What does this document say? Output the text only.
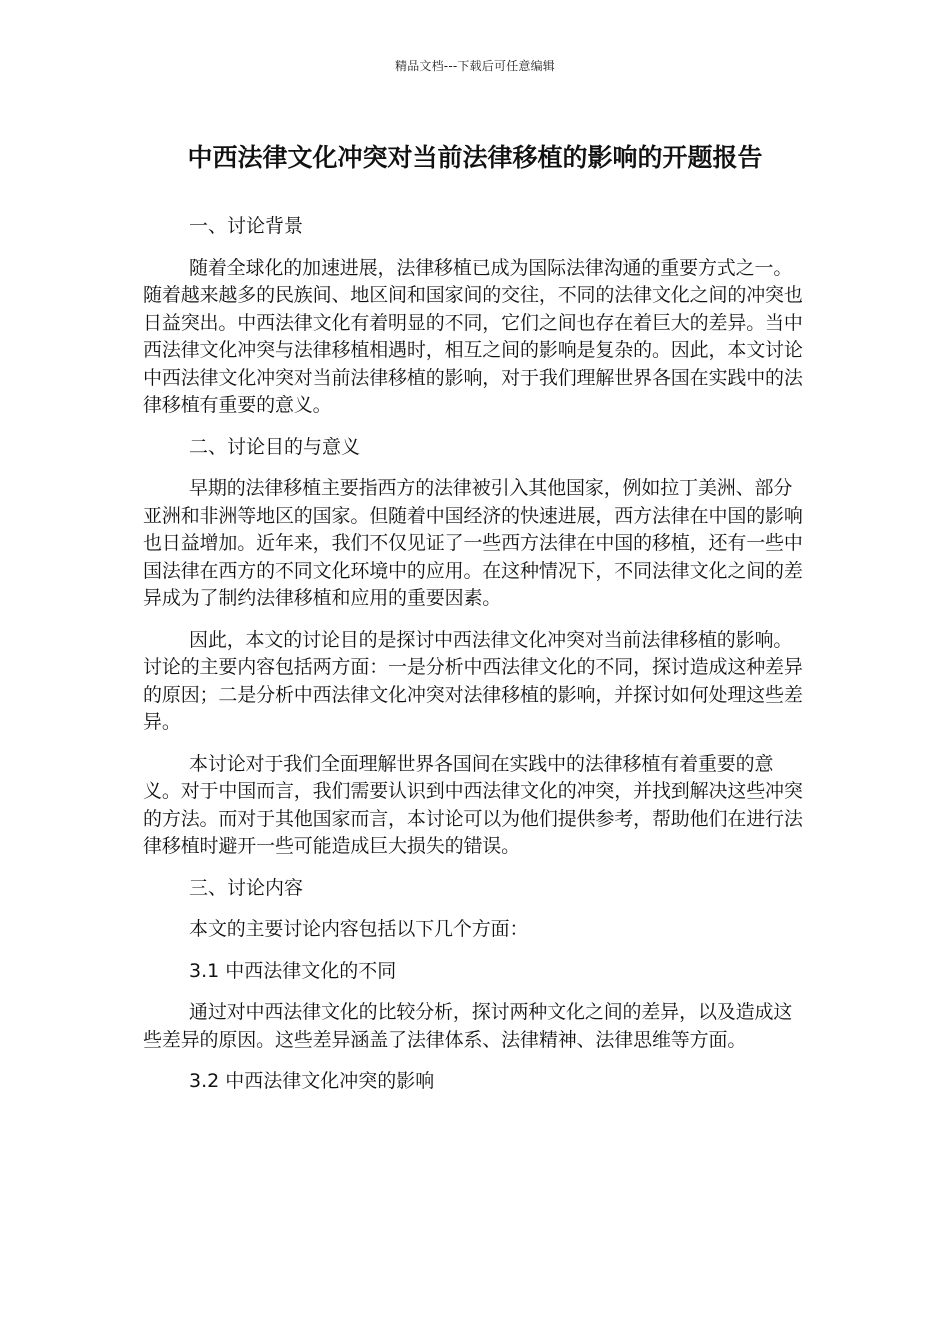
精品文档---下载后可任意编辑
中西法律文化冲突对当前法律移植的影响的开题报告

一、讨论背景

随着全球化的加速进展，法律移植已成为国际法律沟通的重要方式之一。随着越来越多的民族间、地区间和国家间的交往，不同的法律文化之间的冲突也日益突出。中西法律文化有着明显的不同，它们之间也存在着巨大的差异。当中西法律文化冲突与法律移植相遇时，相互之间的影响是复杂的。因此，本文讨论中西法律文化冲突对当前法律移植的影响，对于我们理解世界各国在实践中的法律移植有重要的意义。

二、讨论目的与意义

早期的法律移植主要指西方的法律被引入其他国家，例如拉丁美洲、部分亚洲和非洲等地区的国家。但随着中国经济的快速进展，西方法律在中国的影响也日益增加。近年来，我们不仅见证了一些西方法律在中国的移植，还有一些中国法律在西方的不同文化环境中的应用。在这种情况下，不同法律文化之间的差异成为了制约法律移植和应用的重要因素。

因此，本文的讨论目的是探讨中西法律文化冲突对当前法律移植的影响。讨论的主要内容包括两方面：一是分析中西法律文化的不同，探讨造成这种差异的原因；二是分析中西法律文化冲突对法律移植的影响，并探讨如何处理这些差异。

本讨论对于我们全面理解世界各国间在实践中的法律移植有着重要的意义。对于中国而言，我们需要认识到中西法律文化的冲突，并找到解决这些冲突的方法。而对于其他国家而言，本讨论可以为他们提供参考，帮助他们在进行法律移植时避开一些可能造成巨大损失的错误。

三、讨论内容

本文的主要讨论内容包括以下几个方面：

3.1 中西法律文化的不同

通过对中西法律文化的比较分析，探讨两种文化之间的差异，以及造成这些差异的原因。这些差异涵盖了法律体系、法律精神、法律思维等方面。

3.2 中西法律文化冲突的影响
